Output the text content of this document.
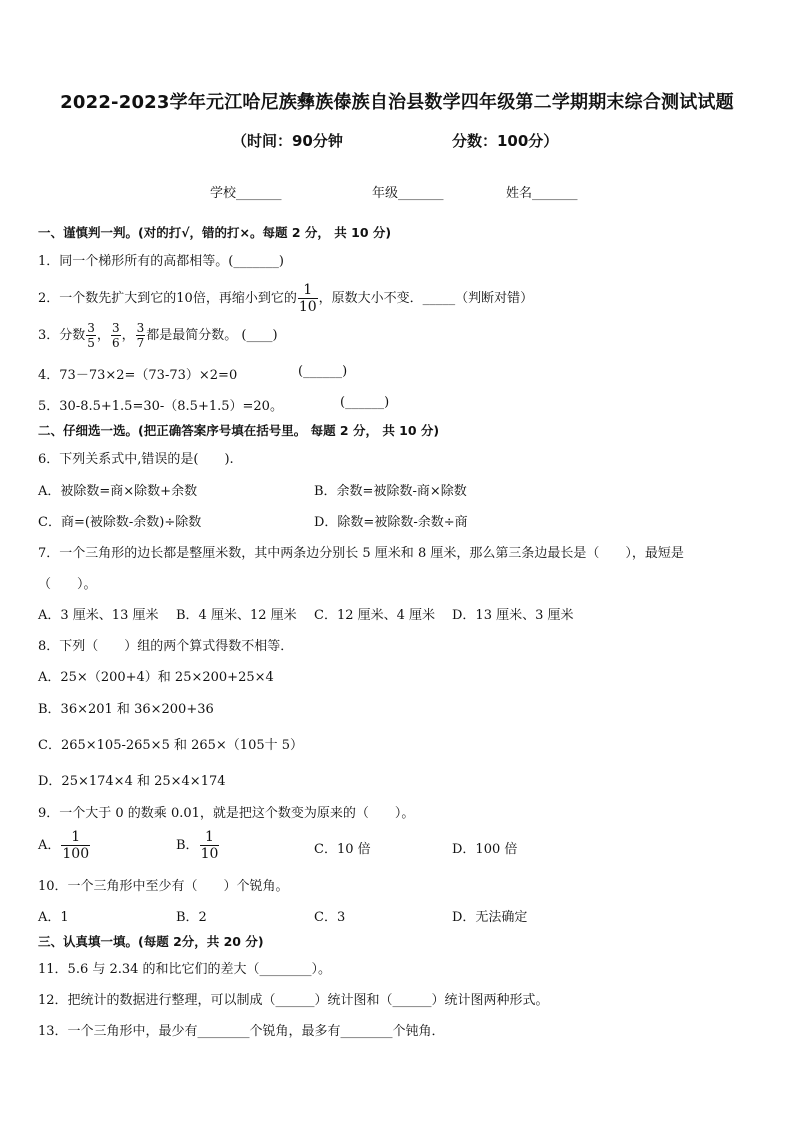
2022-2023学年元江哈尼族彝族傣族自治县数学四年级第二学期期末综合测试试题
（时间：90分钟	分数：100分）
学校_______	年级_______	姓名_______
一、谨慎判一判。(对的打√，错的打×。每题 2 分， 共 10 分)
1．同一个梯形所有的高都相等。(_______)
2．一个数先扩大到它的10倍，再缩小到它的 $\frac{1}{10}$ ，原数大小不变．_____（判断对错）
3．分数 $\frac{3}{5}$ ， $\frac{3}{6}$ ， $\frac{3}{7}$ 都是最简分数。 (____)
4．73－73×2=（73-73）×2=0	(______)
5．30-8.5+1.5=30-（8.5+1.5）=20。	(______)
二、仔细选一选。(把正确答案序号填在括号里。 每题 2 分， 共 10 分)
6．下列关系式中,错误的是(　　).
A．被除数=商×除数+余数	B．余数=被除数-商×除数
C．商=(被除数-余数)÷除数	D．除数=被除数-余数÷商
7．一个三角形的边长都是整厘米数，其中两条边分别长 5 厘米和 8 厘米，那么第三条边最长是（　　），最短是
（　　）。
A．3 厘米、13 厘米 B．4 厘米、12 厘米 C．12 厘米、4 厘米 D．13 厘米、3 厘米
8．下列（　　）组的两个算式得数不相等．
A．25×（200+4）和 25×200+25×4
B．36×201 和 36×200+36
C．265×105-265×5 和 265×（105十 5）
D．25×174×4 和 25×4×174
9．一个大于 0 的数乘 0.01，就是把这个数变为原来的（　　）。
A． $\frac{1}{100}$	B． $\frac{1}{10}$	C．10 倍	D．100 倍
10．一个三角形中至少有（　　）个锐角。
A．1	B．2	C．3	D．无法确定
三、认真填一填。(每题 2分，共 20 分)
11．5.6 与 2.34 的和比它们的差大（________）。
12．把统计的数据进行整理，可以制成（______）统计图和（______）统计图两种形式。
13．一个三角形中，最少有________个锐角，最多有________个钝角．
